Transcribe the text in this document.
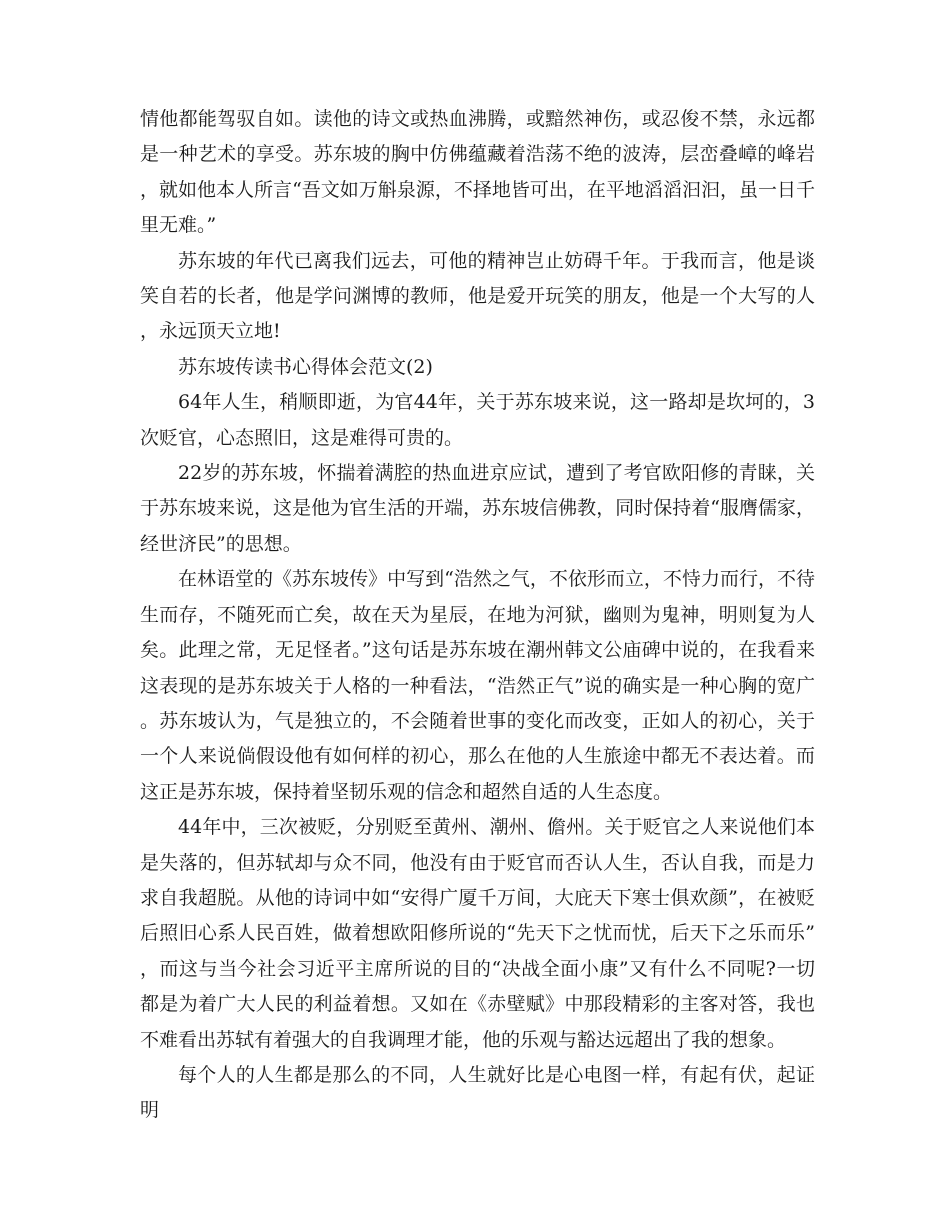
情他都能驾驭自如。读他的诗文或热血沸腾，或黯然神伤，或忍俊不禁，永远都是一种艺术的享受。苏东坡的胸中仿佛蕴藏着浩荡不绝的波涛，层峦叠嶂的峰岩，就如他本人所言“吾文如万斛泉源，不择地皆可出，在平地滔滔汩汩，虽一日千里无难。”

苏东坡的年代已离我们远去，可他的精神岂止妨碍千年。于我而言，他是谈笑自若的长者，他是学问渊博的教师，他是爱开玩笑的朋友，他是一个大写的人，永远顶天立地!

苏东坡传读书心得体会范文(2)

64年人生，稍顺即逝，为官44年，关于苏东坡来说，这一路却是坎坷的，3次贬官，心态照旧，这是难得可贵的。

22岁的苏东坡，怀揣着满腔的热血进京应试，遭到了考官欧阳修的青睐，关于苏东坡来说，这是他为官生活的开端，苏东坡信佛教，同时保持着“服膺儒家，经世济民”的思想。

在林语堂的《苏东坡传》中写到“浩然之气，不依形而立，不恃力而行，不待生而存，不随死而亡矣，故在天为星辰，在地为河狱，幽则为鬼神，明则复为人矣。此理之常，无足怪者。”这句话是苏东坡在潮州韩文公庙碑中说的，在我看来这表现的是苏东坡关于人格的一种看法，“浩然正气”说的确实是一种心胸的宽广。苏东坡认为，气是独立的，不会随着世事的变化而改变，正如人的初心，关于一个人来说倘假设他有如何样的初心，那么在他的人生旅途中都无不表达着。而这正是苏东坡，保持着坚韧乐观的信念和超然自适的人生态度。

44年中，三次被贬，分别贬至黄州、潮州、儋州。关于贬官之人来说他们本是失落的，但苏轼却与众不同，他没有由于贬官而否认人生，否认自我，而是力求自我超脱。从他的诗词中如“安得广厦千万间，大庇天下寒士俱欢颜”，在被贬后照旧心系人民百姓，做着想欧阳修所说的“先天下之忧而忧，后天下之乐而乐”，而这与当今社会习近平主席所说的目的“决战全面小康”又有什么不同呢?一切都是为着广大人民的利益着想。又如在《赤壁赋》中那段精彩的主客对答，我也不难看出苏轼有着强大的自我调理才能，他的乐观与豁达远超出了我的想象。

每个人的人生都是那么的不同，人生就好比是心电图一样，有起有伏，起证明
